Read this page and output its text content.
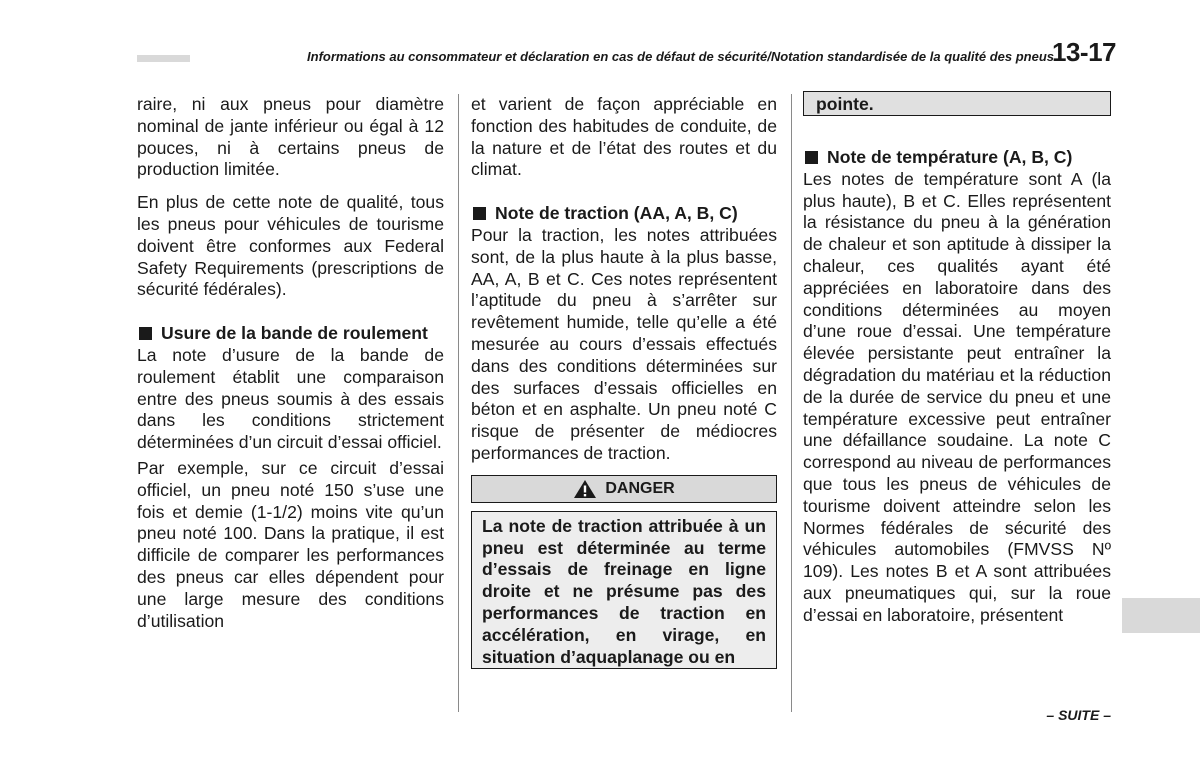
Informations au consommateur et déclaration en cas de défaut de sécurité/Notation standardisée de la qualité des pneus
13-17

raire, ni aux pneus pour diamètre nominal de jante inférieur ou égal à 12 pouces, ni à certains pneus de production limitée.

En plus de cette note de qualité, tous les pneus pour véhicules de tourisme doivent être conformes aux Federal Safety Requirements (prescriptions de sécurité fédérales).

Usure de la bande de roulement

La note d’usure de la bande de roulement établit une comparaison entre des pneus soumis à des essais dans les conditions strictement déterminées d’un circuit d’essai officiel.

Par exemple, sur ce circuit d’essai officiel, un pneu noté 150 s’use une fois et demie (1-1/2) moins vite qu’un pneu noté 100. Dans la pratique, il est difficile de comparer les performances des pneus car elles dépendent pour une large mesure des conditions d’utilisation

et varient de façon appréciable en fonction des habitudes de conduite, de la nature et de l’état des routes et du climat.

Note de traction (AA, A, B, C)

Pour la traction, les notes attribuées sont, de la plus haute à la plus basse, AA, A, B et C. Ces notes représentent l’aptitude du pneu à s’arrêter sur revêtement humide, telle qu’elle a été mesurée au cours d’essais effectués dans des conditions déterminées sur des surfaces d’essais officielles en béton et en asphalte. Un pneu noté C risque de présenter de médiocres performances de traction.

DANGER
La note de traction attribuée à un pneu est déterminée au terme d’essais de freinage en ligne droite et ne présume pas des performances de traction en accélération, en virage, en situation d’aquaplanage ou en
pointe.
Note de température (A, B, C)

Les notes de température sont A (la plus haute), B et C. Elles représentent la résistance du pneu à la génération de chaleur et son aptitude à dissiper la chaleur, ces qualités ayant été appréciées en laboratoire dans des conditions déterminées au moyen d’une roue d’essai. Une température élevée persistante peut entraîner la dégradation du matériau et la réduction de la durée de service du pneu et une température excessive peut entraîner une défaillance soudaine. La note C correspond au niveau de performances que tous les pneus de véhicules de tourisme doivent atteindre selon les Normes fédérales de sécurité des véhicules automobiles (FMVSS Nº 109). Les notes B et A sont attribuées aux pneumatiques qui, sur la roue d’essai en laboratoire, présentent

– SUITE –
